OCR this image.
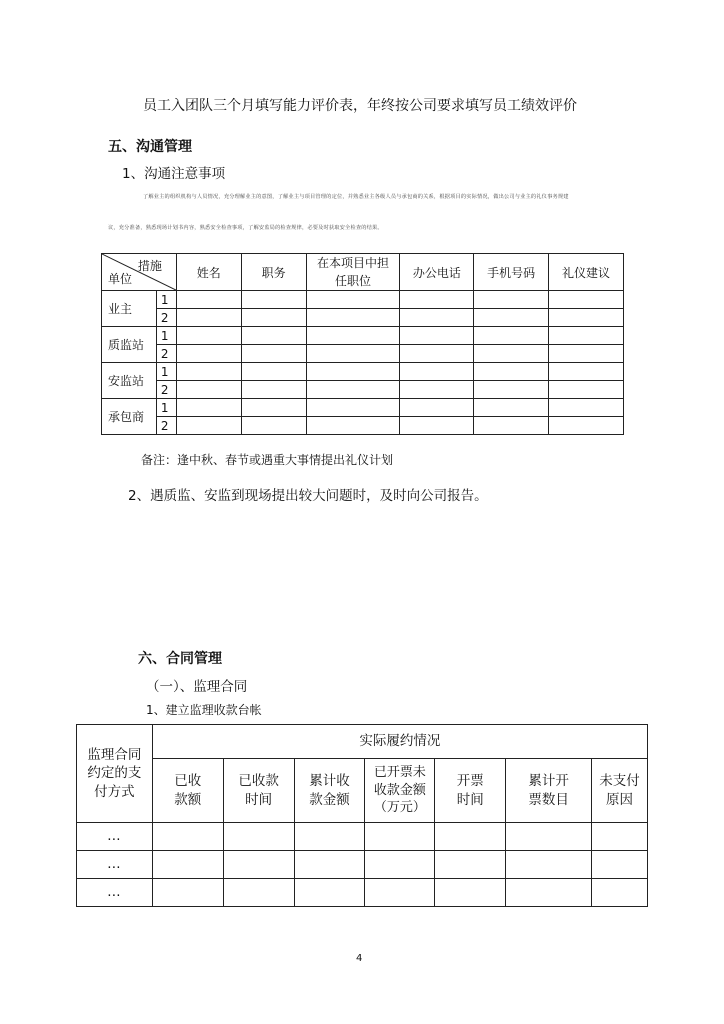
员工入团队三个月填写能力评价表，年终按公司要求填写员工绩效评价
五、沟通管理
1、沟通注意事项
了解业主的组织机构与人员情况，充分理解业主的意图，了解业主与项目管理的定位，并熟悉业主各级人员与承包商的关系，根据项目的实际情况，做出公司与业主的礼仪事务规建
议，充分准备，熟悉现场计划书内容，熟悉安全检查事项，了解安监局的检查规律，必要及时获取安全检查的结果。
措施
单位		姓名	职务	在本项目中担任职位	办公电话	手机号码	礼仪建议
业主	1						
	2						
质监站	1						
	2						
安监站	1						
	2						
承包商	1						
	2						
备注：逢中秋、春节或遇重大事情提出礼仪计划
2、遇质监、安监到现场提出较大问题时，及时向公司报告。
六、合同管理
（一）、监理合同
1、建立监理收款台帐
监理合同约定的支付方式	实际履约情况						
	已收款额	已收款时间	累计收款金额	已开票未收款金额（万元）	开票时间	累计开票数目	未支付原因
…							
…							
…							
4
